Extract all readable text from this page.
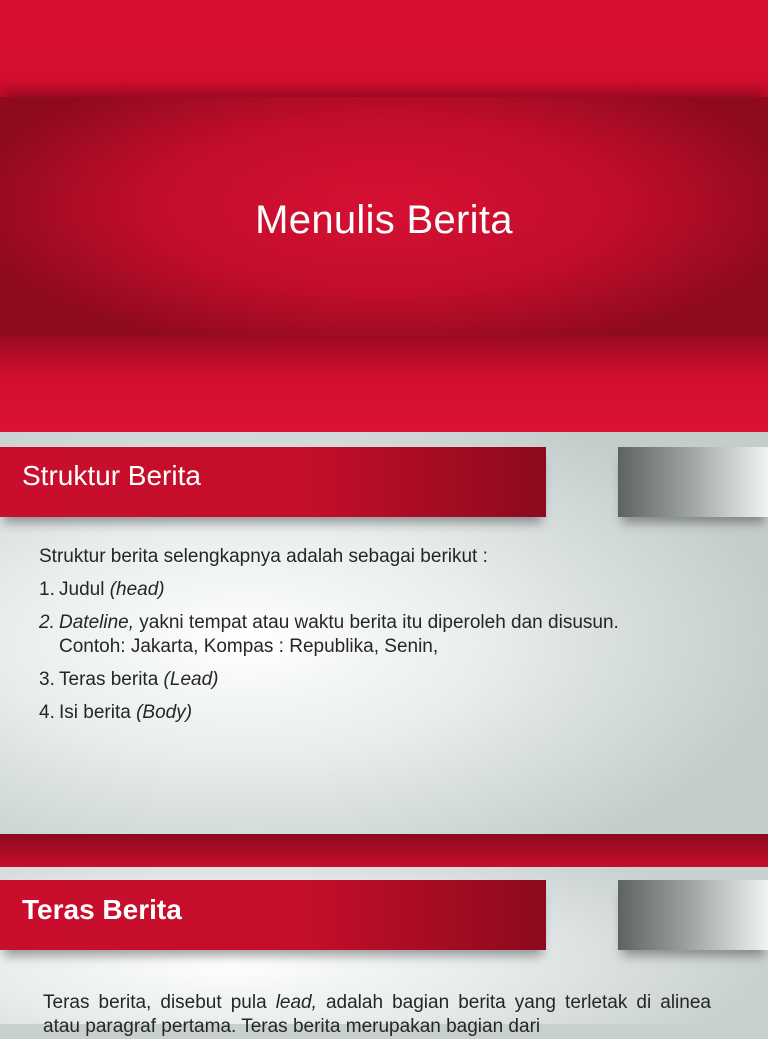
Menulis Berita
Struktur Berita
Struktur berita selengkapnya adalah sebagai berikut :
1. Judul (head)
2. Dateline, yakni tempat atau waktu berita itu diperoleh dan disusun.
Contoh: Jakarta, Kompas : Republika, Senin,
3. Teras berita (Lead)
4. Isi berita (Body)
Teras Berita
Teras berita, disebut pula lead, adalah bagian berita yang terletak di alinea atau paragraf pertama. Teras berita merupakan bagian dari
